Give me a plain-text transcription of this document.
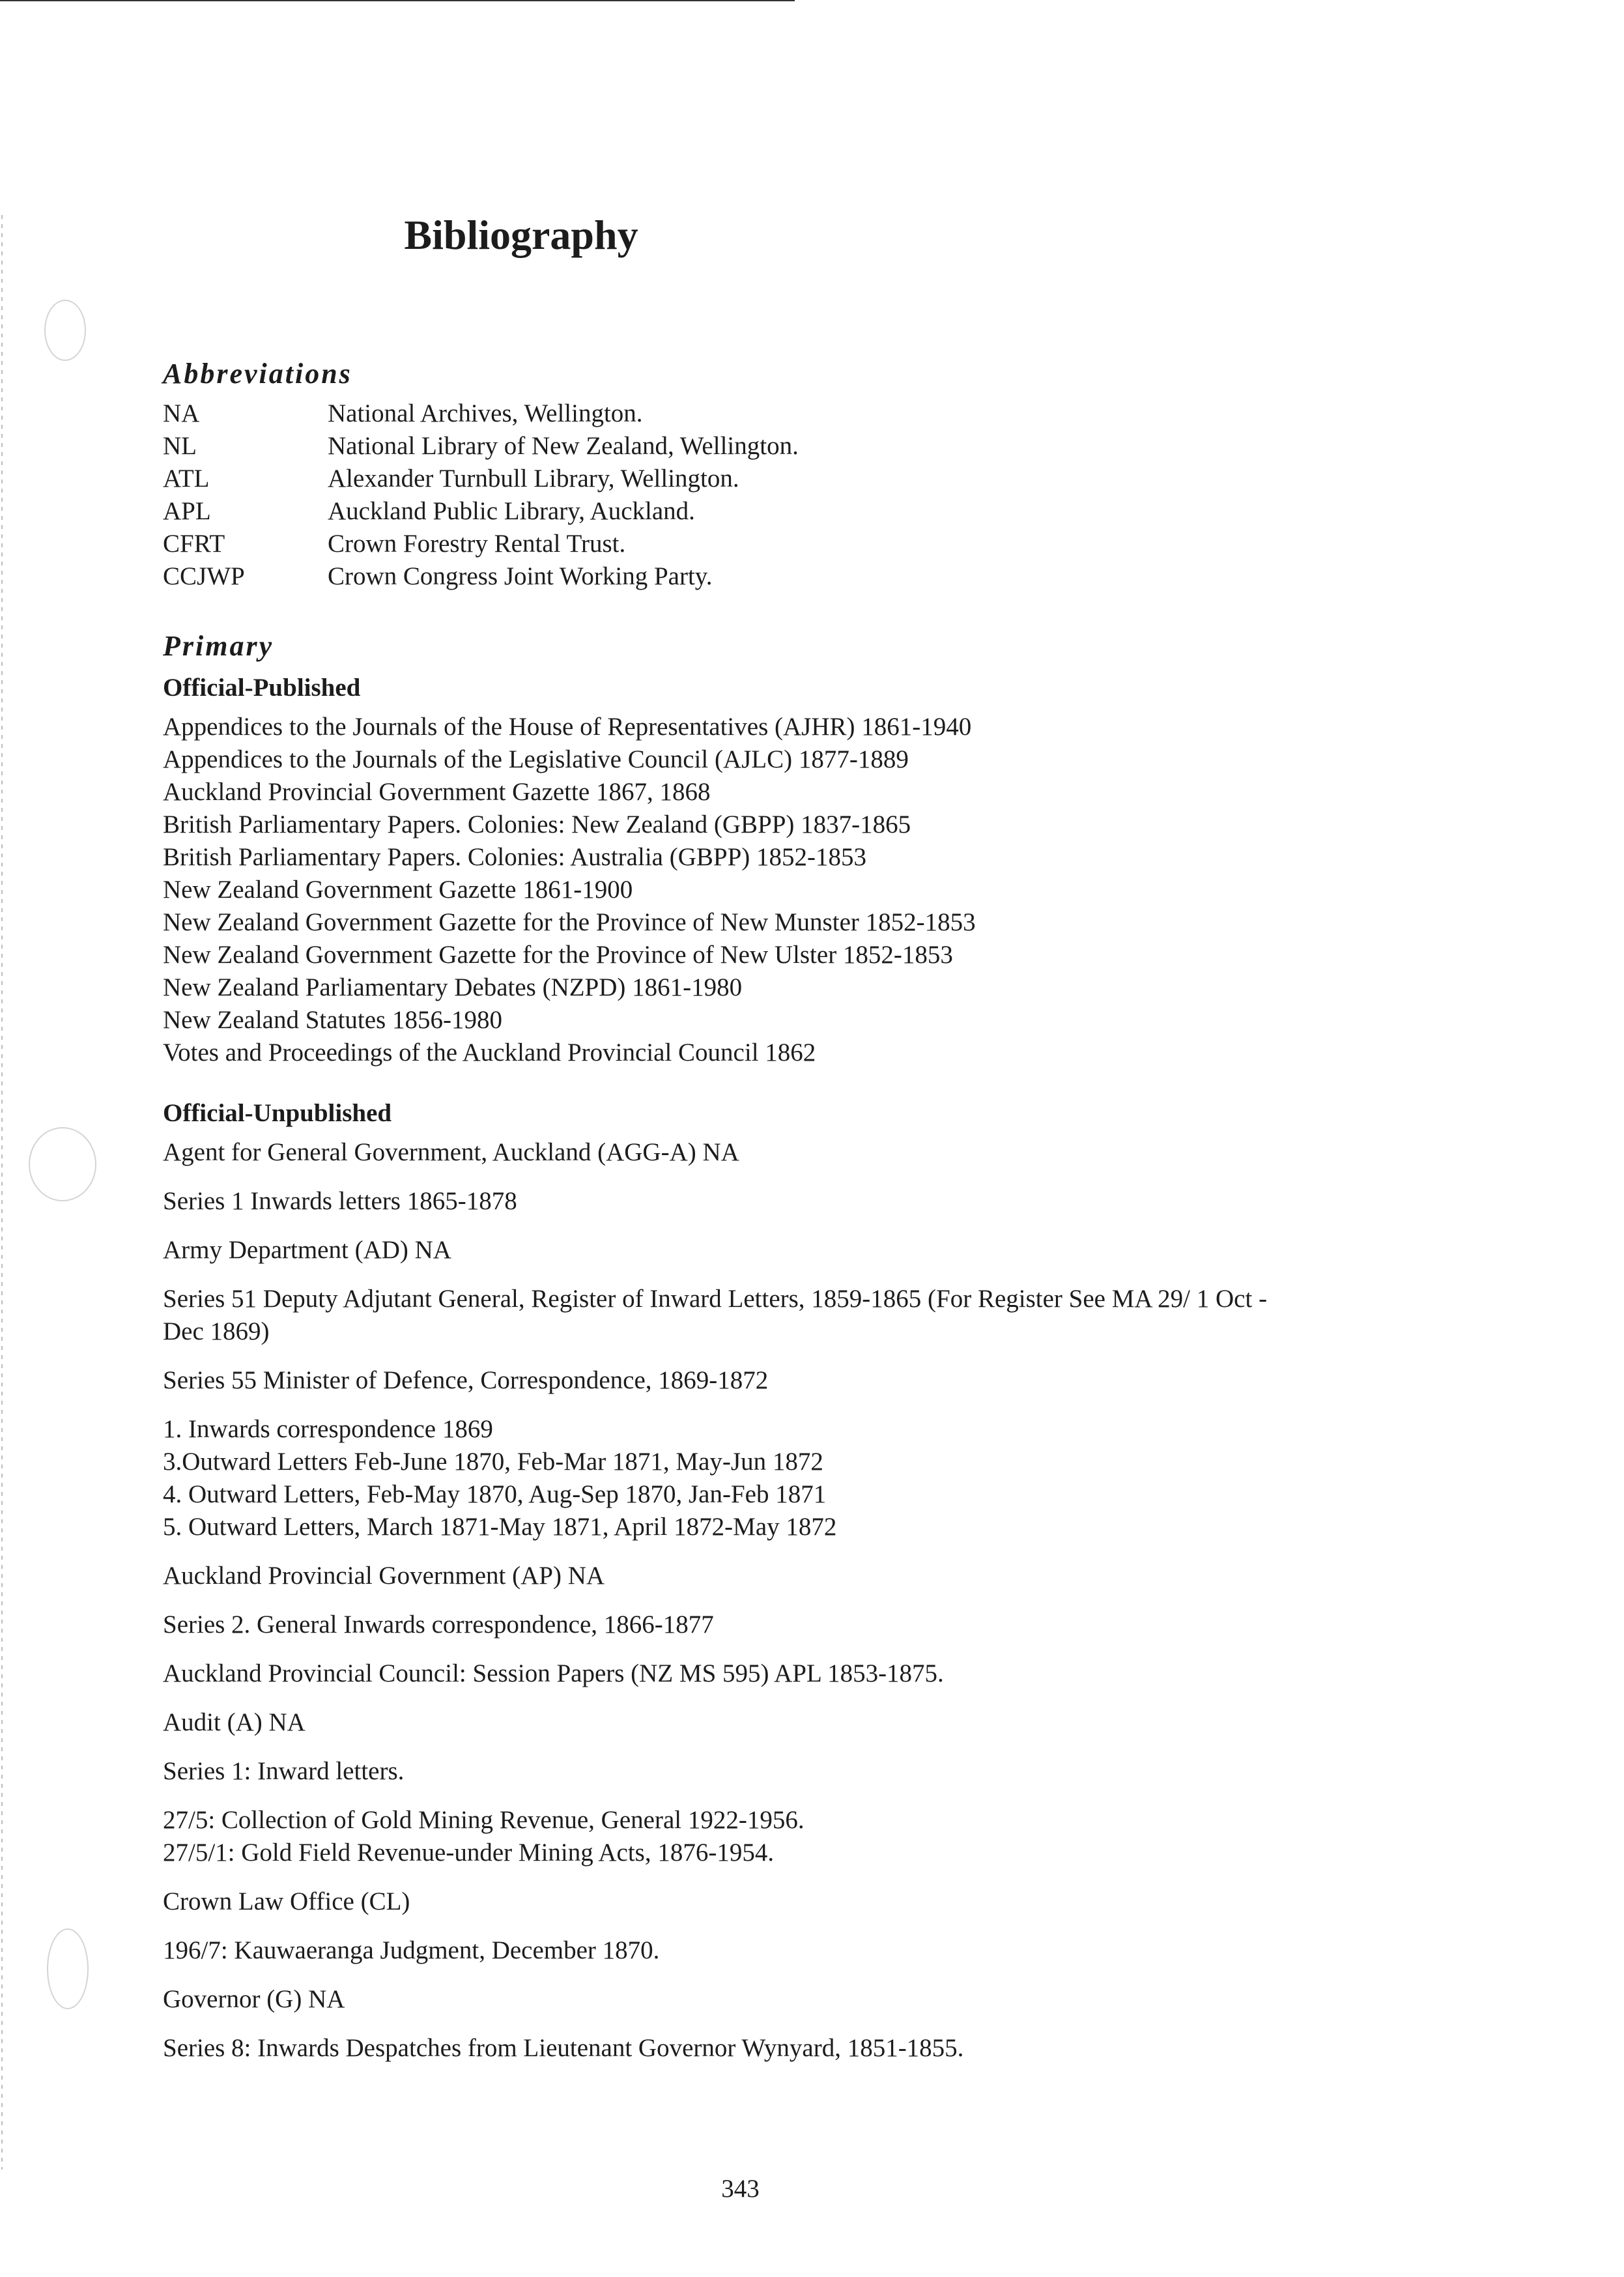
Bibliography
Abbreviations
NA	National Archives, Wellington.
NL	National Library of New Zealand, Wellington.
ATL	Alexander Turnbull Library, Wellington.
APL	Auckland Public Library, Auckland.
CFRT	Crown Forestry Rental Trust.
CCJWP	Crown Congress Joint Working Party.
Primary
Official-Published
Appendices to the Journals of the House of Representatives (AJHR) 1861-1940
Appendices to the Journals of the Legislative Council (AJLC) 1877-1889
Auckland Provincial Government Gazette 1867, 1868
British Parliamentary Papers. Colonies: New Zealand (GBPP) 1837-1865
British Parliamentary Papers. Colonies: Australia (GBPP) 1852-1853
New Zealand Government Gazette 1861-1900
New Zealand Government Gazette for the Province of New Munster 1852-1853
New Zealand Government Gazette for the Province of New Ulster 1852-1853
New Zealand Parliamentary Debates (NZPD) 1861-1980
New Zealand Statutes 1856-1980
Votes and Proceedings of the Auckland Provincial Council 1862
Official-Unpublished
Agent for General Government, Auckland (AGG-A) NA
Series 1 Inwards letters 1865-1878
Army Department (AD) NA
Series 51 Deputy Adjutant General, Register of Inward Letters, 1859-1865 (For Register See MA 29/ 1 Oct -Dec 1869)
Series 55 Minister of Defence, Correspondence, 1869-1872
1. Inwards correspondence 1869
3.Outward Letters Feb-June 1870, Feb-Mar 1871, May-Jun 1872
4. Outward Letters, Feb-May 1870, Aug-Sep 1870, Jan-Feb 1871
5. Outward Letters, March 1871-May 1871, April 1872-May 1872
Auckland Provincial Government (AP) NA
Series 2. General Inwards correspondence, 1866-1877
Auckland Provincial Council: Session Papers (NZ MS 595) APL 1853-1875.
Audit (A) NA
Series 1: Inward letters.
27/5: Collection of Gold Mining Revenue, General 1922-1956.
27/5/1: Gold Field Revenue-under Mining Acts, 1876-1954.
Crown Law Office (CL)
196/7: Kauwaeranga Judgment, December 1870.
Governor (G) NA
Series 8: Inwards Despatches from Lieutenant Governor Wynyard, 1851-1855.
343
